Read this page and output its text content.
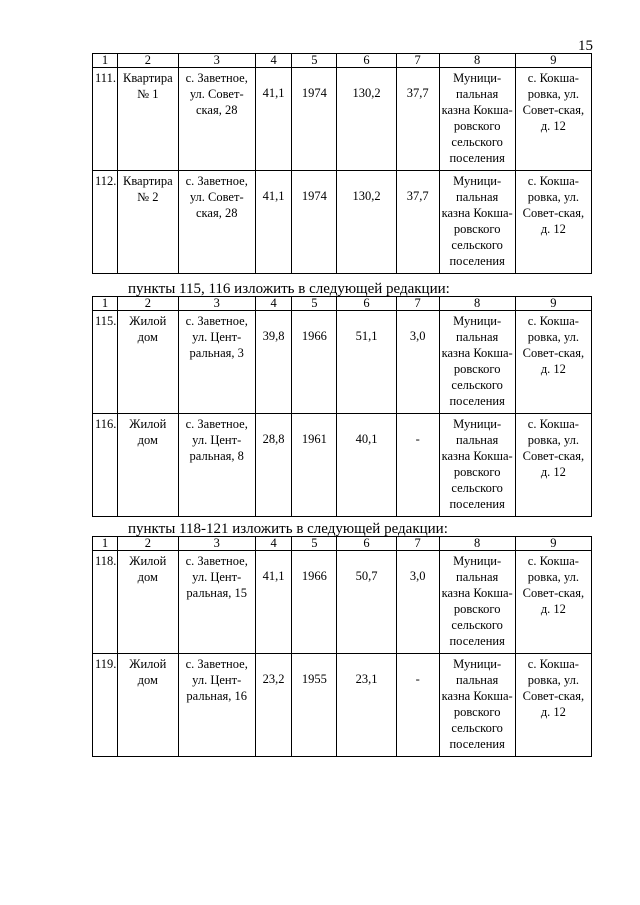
15
1	2	3	4	5	6	7	8	9
111.	Квартира № 1	с. Заветное, ул. Совет-ская, 28	41,1	1974	130,2	37,7	Муници-пальная казна Кокша-ровского сельского поселения	с. Кокша-ровка, ул. Совет-ская, д. 12
112.	Квартира № 2	с. Заветное, ул. Совет-ская, 28	41,1	1974	130,2	37,7	Муници-пальная казна Кокша-ровского сельского поселения	с. Кокша-ровка, ул. Совет-ская, д. 12
пункты 115, 116 изложить в следующей редакции:
1	2	3	4	5	6	7	8	9
115.	Жилой дом	с. Заветное, ул. Цент-ральная, 3	39,8	1966	51,1	3,0	Муници-пальная казна Кокша-ровского сельского поселения	с. Кокша-ровка, ул. Совет-ская, д. 12
116.	Жилой дом	с. Заветное, ул. Цент-ральная, 8	28,8	1961	40,1	-	Муници-пальная казна Кокша-ровского сельского поселения	с. Кокша-ровка, ул. Совет-ская, д. 12
пункты 118-121 изложить в следующей редакции:
1	2	3	4	5	6	7	8	9
118.	Жилой дом	с. Заветное, ул. Цент-ральная, 15	41,1	1966	50,7	3,0	Муници-пальная казна Кокша-ровского сельского поселения	с. Кокша-ровка, ул. Совет-ская, д. 12
119.	Жилой дом	с. Заветное, ул. Цент-ральная, 16	23,2	1955	23,1	-	Муници-пальная казна Кокша-ровского сельского поселения	с. Кокша-ровка, ул. Совет-ская, д. 12
